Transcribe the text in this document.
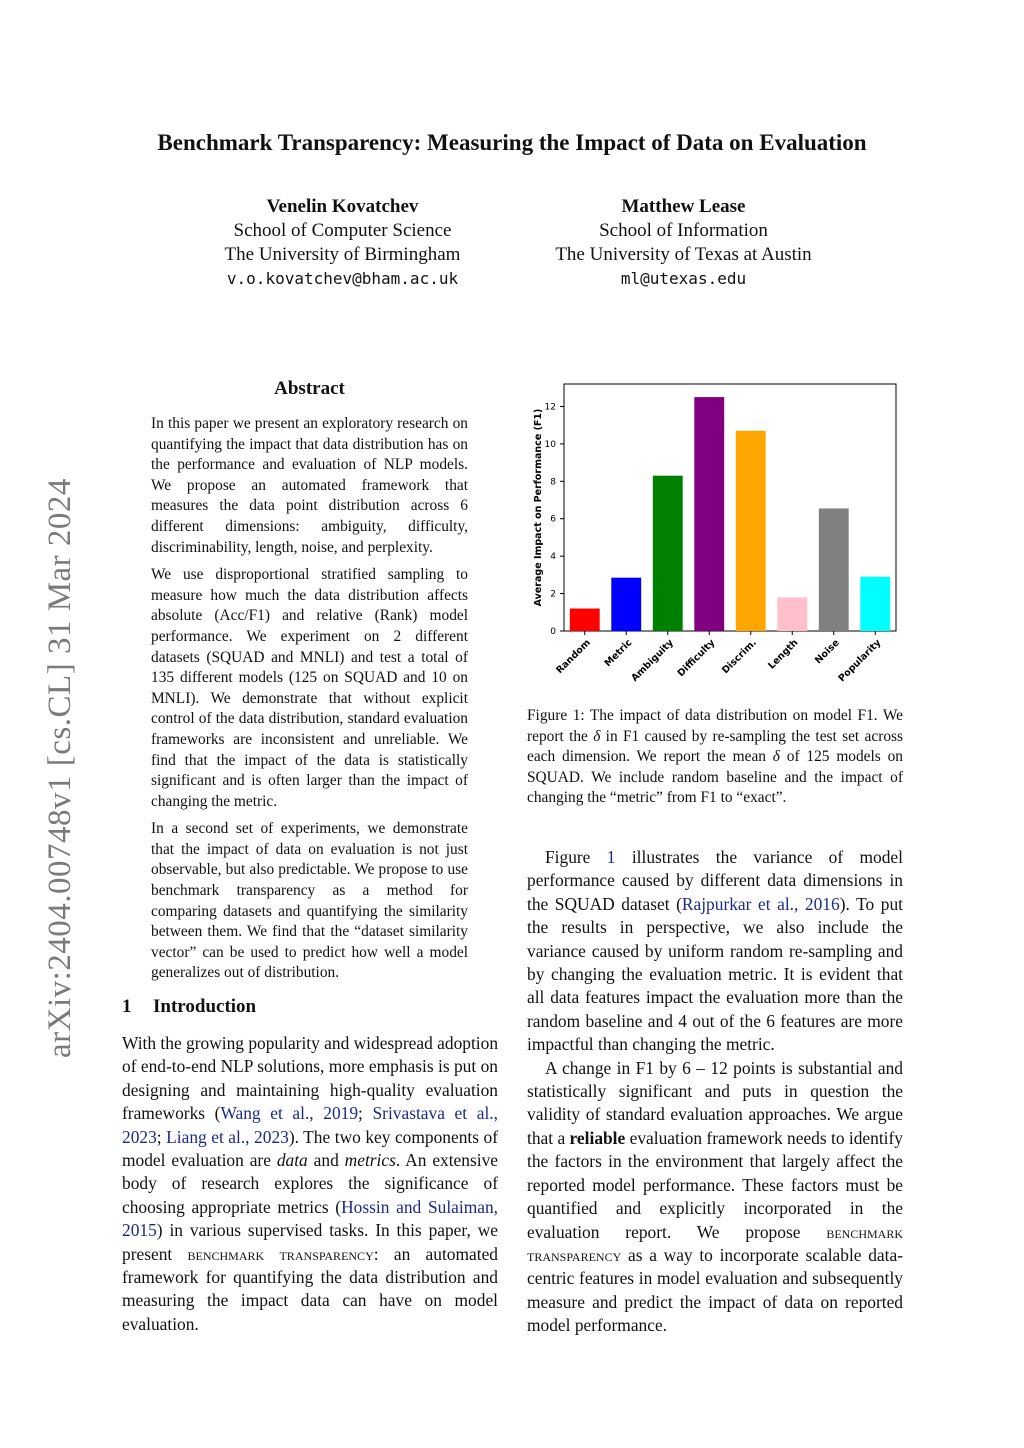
arXiv:2404.00748v1 [cs.CL] 31 Mar 2024
Benchmark Transparency: Measuring the Impact of Data on Evaluation
Venelin Kovatchev
School of Computer Science
The University of Birmingham
v.o.kovatchev@bham.ac.uk
Matthew Lease
School of Information
The University of Texas at Austin
ml@utexas.edu
Abstract

In this paper we present an exploratory research on quantifying the impact that data distribution has on the performance and evaluation of NLP models. We propose an automated framework that measures the data point distribution across 6 different dimensions: ambiguity, difficulty, discriminability, length, noise, and perplexity.

We use disproportional stratified sampling to measure how much the data distribution affects absolute (Acc/F1) and relative (Rank) model performance. We experiment on 2 different datasets (SQUAD and MNLI) and test a total of 135 different models (125 on SQUAD and 10 on MNLI). We demonstrate that without explicit control of the data distribution, standard evaluation frameworks are inconsistent and unreliable. We find that the impact of the data is statistically significant and is often larger than the impact of changing the metric.

In a second set of experiments, we demonstrate that the impact of data on evaluation is not just observable, but also predictable. We propose to use benchmark transparency as a method for comparing datasets and quantifying the similarity between them. We find that the “dataset similarity vector” can be used to predict how well a model generalizes out of distribution.

1 Introduction

With the growing popularity and widespread adoption of end-to-end NLP solutions, more emphasis is put on designing and maintaining high-quality evaluation frameworks (Wang et al., 2019; Srivastava et al., 2023; Liang et al., 2023). The two key components of model evaluation are data and metrics. An extensive body of research explores the significance of choosing appropriate metrics (Hossin and Sulaiman, 2015) in various supervised tasks. In this paper, we present benchmark transparency: an automated framework for quantifying the data distribution and measuring the impact data can have on model evaluation.

0
2
4
6
8
10
12
Average Impact on Performance (F1)
Random Metric
Ambiguity Difficulty Discrim. Length Noise
Popularity
Figure 1: The impact of data distribution on model F1. We report the δ in F1 caused by re-sampling the test set across each dimension. We report the mean δ of 125 models on SQUAD. We include random baseline and the impact of changing the “metric” from F1 to “exact”.

Figure 1 illustrates the variance of model performance caused by different data dimensions in the SQUAD dataset (Rajpurkar et al., 2016). To put the results in perspective, we also include the variance caused by uniform random re-sampling and by changing the evaluation metric. It is evident that all data features impact the evaluation more than the random baseline and 4 out of the 6 features are more impactful than changing the metric.

A change in F1 by 6 – 12 points is substantial and statistically significant and puts in question the validity of standard evaluation approaches. We argue that a reliable evaluation framework needs to identify the factors in the environment that largely affect the reported model performance. These factors must be quantified and explicitly incorporated in the evaluation report. We propose benchmark transparency as a way to incorporate scalable data-centric features in model evaluation and subsequently measure and predict the impact of data on reported model performance.
